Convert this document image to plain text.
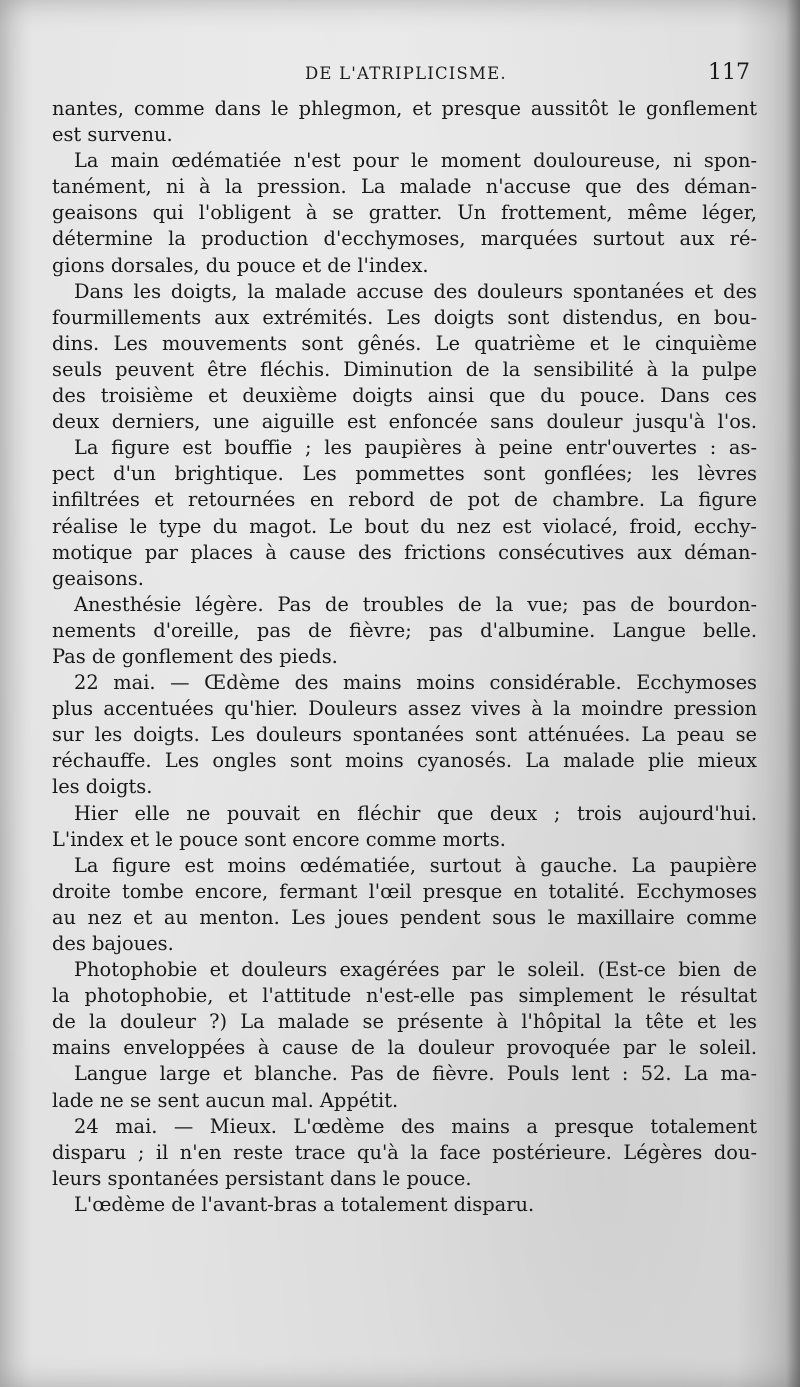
DE L'ATRIPLICISME.	117
nantes, comme dans le phlegmon, et presque aussitôt le gonflement
est survenu.
La main œdématiée n'est pour le moment douloureuse, ni spon-
tanément, ni à la pression. La malade n'accuse que des déman-
geaisons qui l'obligent à se gratter. Un frottement, même léger,
détermine la production d'ecchymoses, marquées surtout aux ré-
gions dorsales, du pouce et de l'index.
Dans les doigts, la malade accuse des douleurs spontanées et des
fourmillements aux extrémités. Les doigts sont distendus, en bou-
dins. Les mouvements sont gênés. Le quatrième et le cinquième
seuls peuvent être fléchis. Diminution de la sensibilité à la pulpe
des troisième et deuxième doigts ainsi que du pouce. Dans ces
deux derniers, une aiguille est enfoncée sans douleur jusqu'à l'os.
La figure est bouffie ; les paupières à peine entr'ouvertes : as-
pect d'un brightique. Les pommettes sont gonflées; les lèvres
infiltrées et retournées en rebord de pot de chambre. La figure
réalise le type du magot. Le bout du nez est violacé, froid, ecchy-
motique par places à cause des frictions consécutives aux déman-
geaisons.
Anesthésie légère. Pas de troubles de la vue; pas de bourdon-
nements d'oreille, pas de fièvre; pas d'albumine. Langue belle.
Pas de gonflement des pieds.
22 mai. — Œdème des mains moins considérable. Ecchymoses
plus accentuées qu'hier. Douleurs assez vives à la moindre pression
sur les doigts. Les douleurs spontanées sont atténuées. La peau se
réchauffe. Les ongles sont moins cyanosés. La malade plie mieux
les doigts.
Hier elle ne pouvait en fléchir que deux ; trois aujourd'hui.
L'index et le pouce sont encore comme morts.
La figure est moins œdématiée, surtout à gauche. La paupière
droite tombe encore, fermant l'œil presque en totalité. Ecchymoses
au nez et au menton. Les joues pendent sous le maxillaire comme
des bajoues.
Photophobie et douleurs exagérées par le soleil. (Est-ce bien de
la photophobie, et l'attitude n'est-elle pas simplement le résultat
de la douleur ?) La malade se présente à l'hôpital la tête et les
mains enveloppées à cause de la douleur provoquée par le soleil.
Langue large et blanche. Pas de fièvre. Pouls lent : 52. La ma-
lade ne se sent aucun mal. Appétit.
24 mai. — Mieux. L'œdème des mains a presque totalement
disparu ; il n'en reste trace qu'à la face postérieure. Légères dou-
leurs spontanées persistant dans le pouce.
L'œdème de l'avant-bras a totalement disparu.
